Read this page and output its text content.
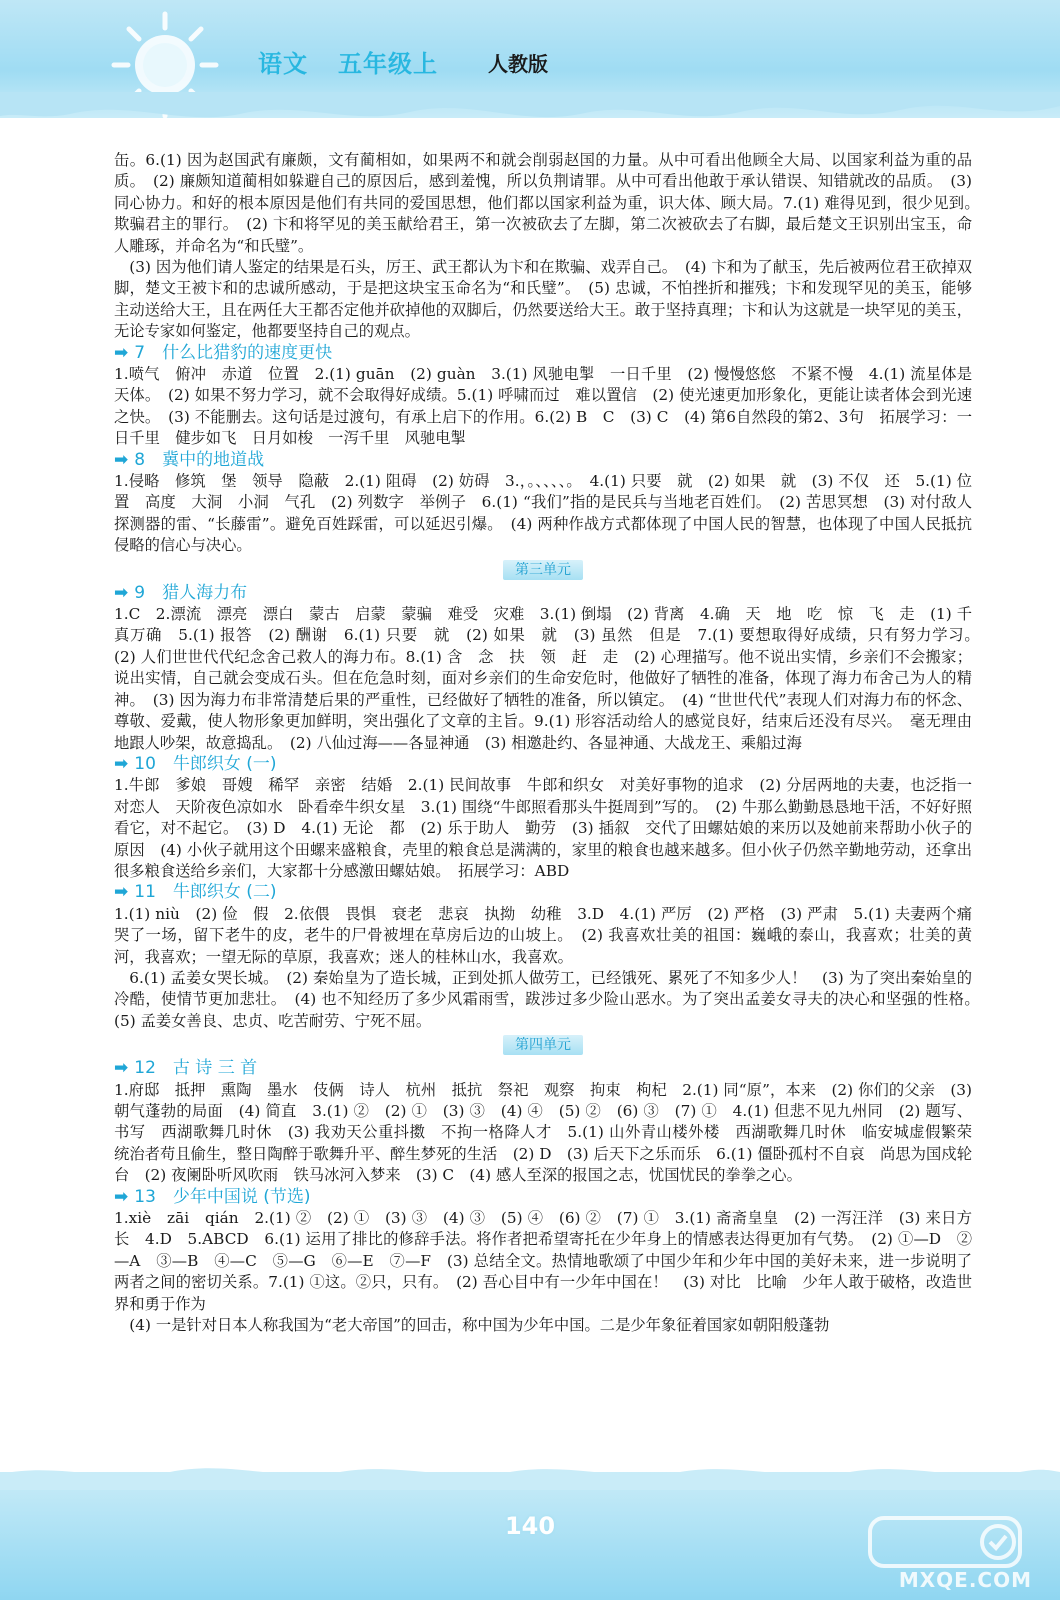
语文 五年级上	人教版

缶。6.(1) 因为赵国武有廉颇，文有蔺相如，如果两不和就会削弱赵国的力量。从中可看出他顾全大局、以国家利益为重的品质。　(2) 廉颇知道蔺相如躲避自己的原因后，感到羞愧，所以负荆请罪。从中可看出他敢于承认错误、知错就改的品质。　(3) 同心协力。和好的根本原因是他们有共同的爱国思想，他们都以国家利益为重，识大体、顾大局。7.(1) 难得见到，很少见到。　欺骗君主的罪行。　(2) 卞和将罕见的美玉献给君王，第一次被砍去了左脚，第二次被砍去了右脚，最后楚文王识别出宝玉，命人雕琢，并命名为“和氏璧”。

(3) 因为他们请人鉴定的结果是石头，厉王、武王都认为卞和在欺骗、戏弄自己。　(4) 卞和为了献玉，先后被两位君王砍掉双脚，楚文王被卞和的忠诚所感动，于是把这块宝玉命名为“和氏璧”。　(5) 忠诚，不怕挫折和摧残；卞和发现罕见的美玉，能够主动送给大王，且在两任大王都否定他并砍掉他的双脚后，仍然要送给大王。敢于坚持真理；卞和认为这就是一块罕见的美玉，无论专家如何鉴定，他都要坚持自己的观点。

➡ 7　什么比猎豹的速度更快

1.喷气　俯冲　赤道　位置　2.(1) guān　(2) guàn　3.(1) 风驰电掣　一日千里　(2) 慢慢悠悠　不紧不慢　4.(1) 流星体是天体。　(2) 如果不努力学习，就不会取得好成绩。5.(1) 呼啸而过　难以置信　(2) 使光速更加形象化，更能让读者体会到光速之快。　(3) 不能删去。这句话是过渡句，有承上启下的作用。6.(2) B　C　(3) C　(4) 第6自然段的第2、3句　拓展学习：一日千里　健步如飞　日月如梭　一泻千里　风驰电掣

➡ 8　冀中的地道战

1.侵略　修筑　堡　领导　隐蔽　2.(1) 阻碍　(2) 妨碍　3.，。、、、、。　4.(1) 只要　就　(2) 如果　就　(3) 不仅　还　5.(1) 位置　高度　大洞　小洞　气孔　(2) 列数字　举例子　6.(1) “我们”指的是民兵与当地老百姓们。　(2) 苦思冥想　(3) 对付敌人探测器的雷、“长藤雷”。避免百姓踩雷，可以延迟引爆。　(4) 两种作战方式都体现了中国人民的智慧，也体现了中国人民抵抗侵略的信心与决心。

第三单元
➡ 9　猎人海力布

1.C　2.漂流　漂亮　漂白　蒙古　启蒙　蒙骗　难受　灾难　3.(1) 倒塌　(2) 背离　4.确　天　地　吃　惊　飞　走　(1) 千真万确　5.(1) 报答　(2) 酬谢　6.(1) 只要　就　(2) 如果　就　(3) 虽然　但是　7.(1) 要想取得好成绩，只有努力学习。　(2) 人们世世代代纪念舍己救人的海力布。8.(1) 含　念　扶　领　赶　走　(2) 心理描写。他不说出实情，乡亲们不会搬家；说出实情，自己就会变成石头。但在危急时刻，面对乡亲们的生命安危时，他做好了牺牲的准备，体现了海力布舍己为人的精神。　(3) 因为海力布非常清楚后果的严重性，已经做好了牺牲的准备，所以镇定。　(4) “世世代代”表现人们对海力布的怀念、尊敬、爱戴，使人物形象更加鲜明，突出强化了文章的主旨。9.(1) 形容活动给人的感觉良好，结束后还没有尽兴。　毫无理由地跟人吵架，故意捣乱。　(2) 八仙过海——各显神通　(3) 相邀赴约、各显神通、大战龙王、乘船过海

➡ 10　牛郎织女 (一)

1.牛郎　爹娘　哥嫂　稀罕　亲密　结婚　2.(1) 民间故事　牛郎和织女　对美好事物的追求　(2) 分居两地的夫妻，也泛指一对恋人　天阶夜色凉如水　卧看牵牛织女星　3.(1) 围绕“牛郎照看那头牛挺周到”写的。　(2) 牛那么勤勤恳恳地干活，不好好照看它，对不起它。　(3) D　4.(1) 无论　都　(2) 乐于助人　勤劳　(3) 插叙　交代了田螺姑娘的来历以及她前来帮助小伙子的原因　(4) 小伙子就用这个田螺来盛粮食，壳里的粮食总是满满的，家里的粮食也越来越多。但小伙子仍然辛勤地劳动，还拿出很多粮食送给乡亲们，大家都十分感激田螺姑娘。　拓展学习：ABD

➡ 11　牛郎织女 (二)

1.(1) niù　(2) 俭　假　2.依偎　畏惧　衰老　悲哀　执拗　幼稚　3.D　4.(1) 严厉　(2) 严格　(3) 严肃　5.(1) 夫妻两个痛哭了一场，留下老牛的皮，老牛的尸骨被埋在草房后边的山坡上。　(2) 我喜欢壮美的祖国：巍峨的泰山，我喜欢；壮美的黄河，我喜欢；一望无际的草原，我喜欢；迷人的桂林山水，我喜欢。

6.(1) 孟姜女哭长城。　(2) 秦始皇为了造长城，正到处抓人做劳工，已经饿死、累死了不知多少人！　(3) 为了突出秦始皇的冷酷，使情节更加悲壮。　(4) 也不知经历了多少风霜雨雪，跋涉过多少险山恶水。为了突出孟姜女寻夫的决心和坚强的性格。　(5) 孟姜女善良、忠贞、吃苦耐劳、宁死不屈。

第四单元
➡ 12　古 诗 三 首

1.府邸　抵押　熏陶　墨水　伎俩　诗人　杭州　抵抗　祭祀　观察　拘束　枸杞　2.(1) 同“原”，本来　(2) 你们的父亲　(3) 朝气蓬勃的局面　(4) 简直　3.(1) ②　(2) ①　(3) ③　(4) ④　(5) ②　(6) ③　(7) ①　4.(1) 但悲不见九州同　(2) 题写、书写　西湖歌舞几时休　(3) 我劝天公重抖擞　不拘一格降人才　5.(1) 山外青山楼外楼　西湖歌舞几时休　临安城虚假繁荣　统治者苟且偷生，整日陶醉于歌舞升平、醉生梦死的生活　(2) D　(3) 后天下之乐而乐　6.(1) 僵卧孤村不自哀　尚思为国戍轮台　(2) 夜阑卧听风吹雨　铁马冰河入梦来　(3) C　(4) 感人至深的报国之志，忧国忧民的拳拳之心。

➡ 13　少年中国说 (节选)

1.xiè　zāi　qián　2.(1) ②　(2) ①　(3) ③　(4) ③　(5) ④　(6) ②　(7) ①　3.(1) 斋斋皇皇　(2) 一泻汪洋　(3) 来日方长　4.D　5.ABCD　6.(1) 运用了排比的修辞手法。将作者把希望寄托在少年身上的情感表达得更加有气势。　(2) ①—D　②—A　③—B　④—C　⑤—G　⑥—E　⑦—F　(3) 总结全文。热情地歌颂了中国少年和少年中国的美好未来，进一步说明了两者之间的密切关系。7.(1) ①这。②只，只有。　(2) 吾心目中有一少年中国在！　(3) 对比　比喻　少年人敢于破格，改造世界和勇于作为

(4) 一是针对日本人称我国为“老大帝国”的回击，称中国为少年中国。二是少年象征着国家如朝阳般蓬勃

140
MXQE.COM
